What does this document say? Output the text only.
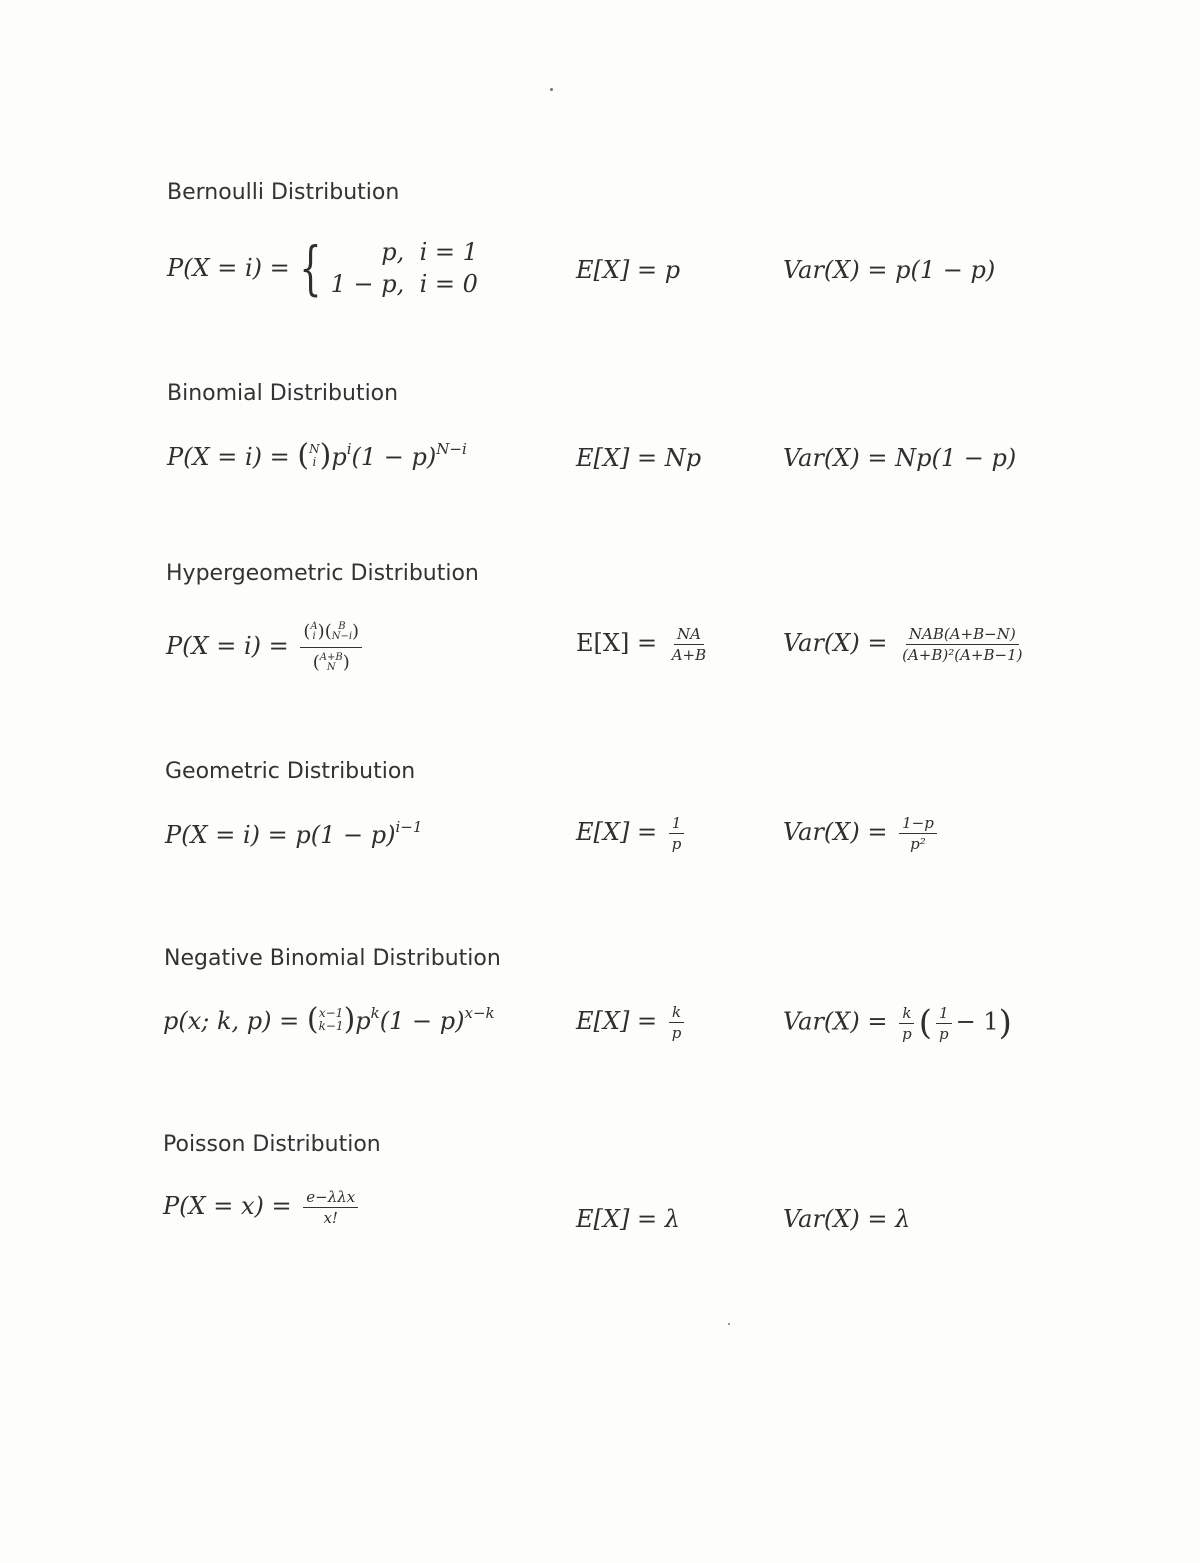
Bernoulli Distribution
P(X = i) = {	p, i = 1
1 − p, i = 0	E[X] = p	Var(X) = p(1 − p)
Binomial Distribution
P(X = i) = ( N
i ) $p^i(1 - p)^{N-i}$	E[X] = Np	Var(X) = Np(1 − p)
Hypergeometric Distribution
P(X = i) = ( A
i ) ( B
N−i )
( A+B
N )	$E[X] = \frac{NA}{A+B}$	$Var(X) = \frac{\text{NAB(A+B−N)}}{\text{(A+B)²(A+B−1)}}$
Geometric Distribution
$P(X = i) = p(1 - p)^{i-1}$	$E[X] = \frac{1}{p}$	$Var(X) = \frac{1-p}{\text{p²}}$
Negative Binomial Distribution
p(x; k, p) = ( x−1
k−1 ) $p^k(1 - p)^{x-k}$	$E[X] = \frac{k}{p}$	$Var(X) = \frac{k}{p}$ ( $\frac{1}{p} - 1$)
Poisson Distribution
$P(X = x) = \frac{\text{e−λλx}}{x!}$	E[X] = λ	Var(X) = λ
